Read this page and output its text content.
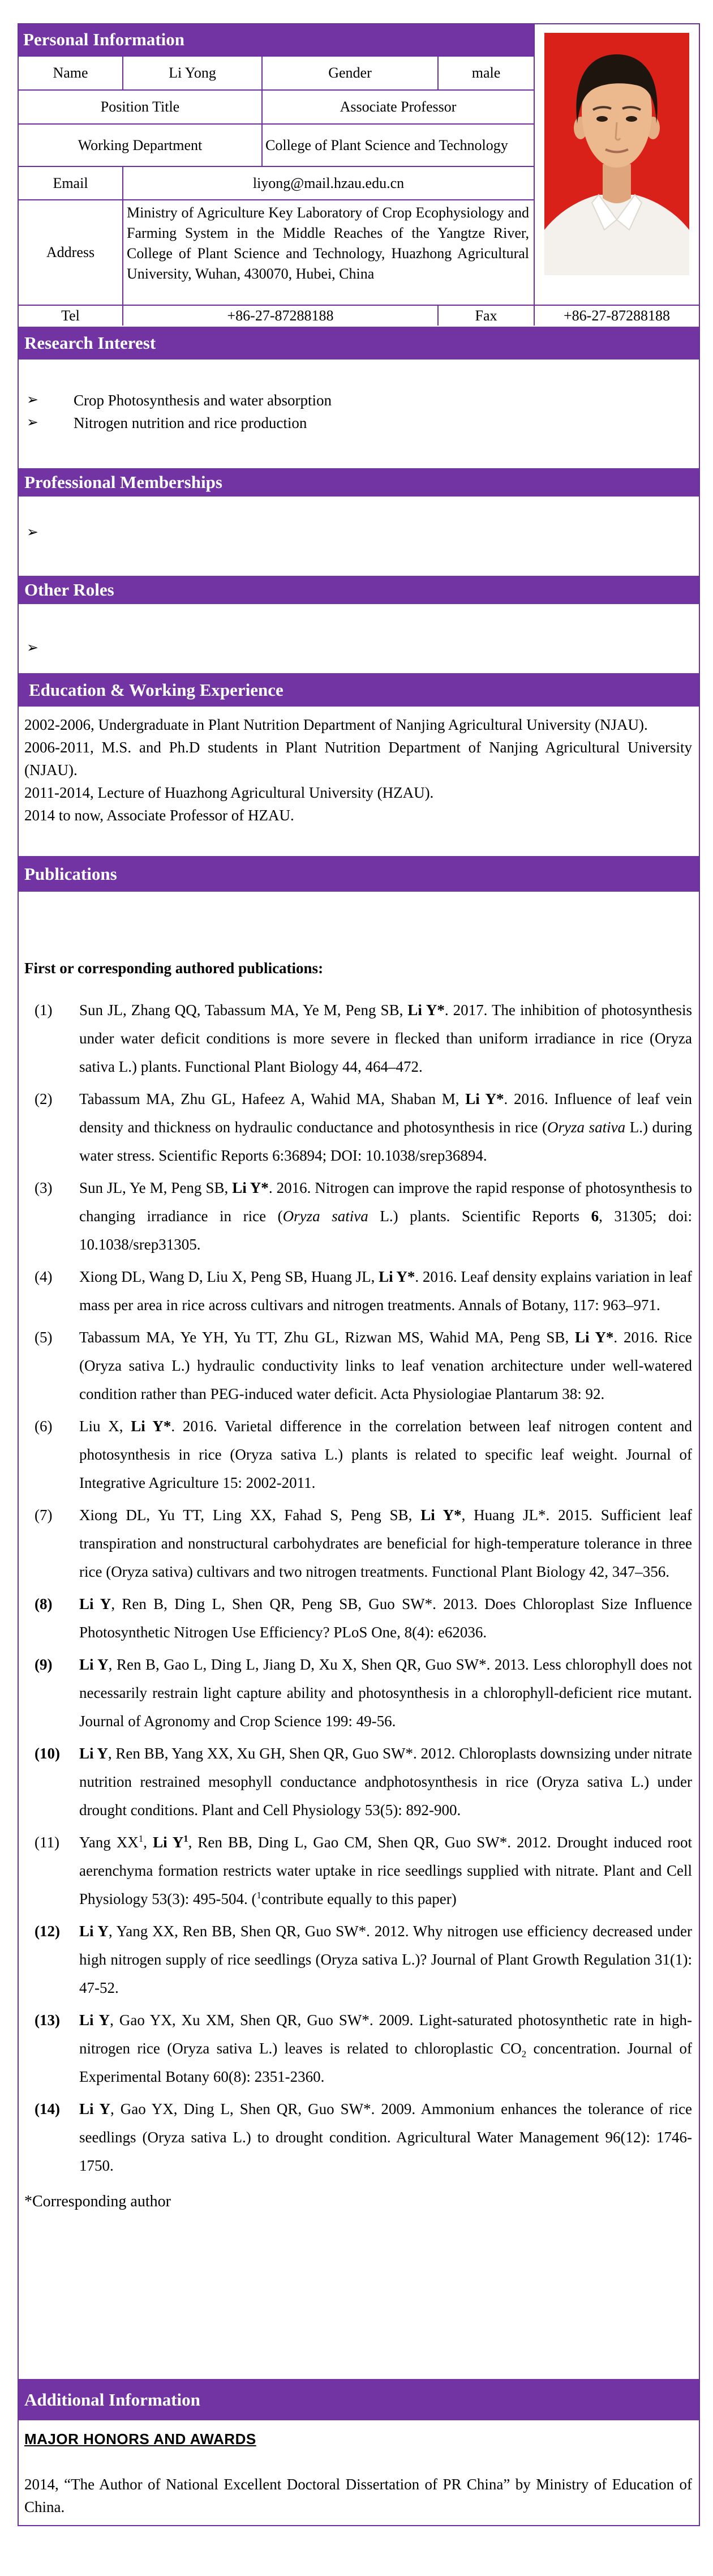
Personal Information
Name	Li Yong	Gender	male
Position Title	Associate Professor
Working Department	College of Plant Science and Technology
Email	liyong@mail.hzau.edu.cn
Address
Ministry of Agriculture Key Laboratory of Crop Ecophysiology and Farming System in the Middle Reaches of the Yangtze River, College of Plant Science and Technology, Huazhong Agricultural University, Wuhan, 430070, Hubei, China
Tel	+86-27-87288188	Fax	+86-27-87288188
Research Interest
➢ Crop Photosynthesis and water absorption
➢ Nitrogen nutrition and rice production
Professional Memberships
➢
Other Roles
➢
Education & Working Experience

2002-2006, Undergraduate in Plant Nutrition Department of Nanjing Agricultural University (NJAU).

2006-2011, M.S. and Ph.D students in Plant Nutrition Department of Nanjing Agricultural University (NJAU).

2011-2014, Lecture of Huazhong Agricultural University (HZAU).

2014 to now, Associate Professor of HZAU.

Publications
First or corresponding authored publications:
(1) Sun JL, Zhang QQ, Tabassum MA, Ye M, Peng SB, Li Y*. 2017. The inhibition of photosynthesis under water deficit conditions is more severe in flecked than uniform irradiance in rice (Oryza sativa L.) plants. Functional Plant Biology 44, 464–472.
(2) Tabassum MA, Zhu GL, Hafeez A, Wahid MA, Shaban M, Li Y*. 2016. Influence of leaf vein density and thickness on hydraulic conductance and photosynthesis in rice (Oryza sativa L.) during water stress. Scientific Reports 6:36894; DOI: 10.1038/srep36894.
(3) Sun JL, Ye M, Peng SB, Li Y*. 2016. Nitrogen can improve the rapid response of photosynthesis to changing irradiance in rice (Oryza sativa L.) plants. Scientific Reports 6, 31305; doi: 10.1038/srep31305.
(4) Xiong DL, Wang D, Liu X, Peng SB, Huang JL, Li Y*. 2016. Leaf density explains variation in leaf mass per area in rice across cultivars and nitrogen treatments. Annals of Botany, 117: 963–971.
(5) Tabassum MA, Ye YH, Yu TT, Zhu GL, Rizwan MS, Wahid MA, Peng SB, Li Y*. 2016. Rice (Oryza sativa L.) hydraulic conductivity links to leaf venation architecture under well-watered condition rather than PEG-induced water deficit. Acta Physiologiae Plantarum 38: 92.
(6) Liu X, Li Y*. 2016. Varietal difference in the correlation between leaf nitrogen content and photosynthesis in rice (Oryza sativa L.) plants is related to specific leaf weight. Journal of Integrative Agriculture 15: 2002-2011.
(7) Xiong DL, Yu TT, Ling XX, Fahad S, Peng SB, Li Y*, Huang JL*. 2015. Sufficient leaf transpiration and nonstructural carbohydrates are beneficial for high-temperature tolerance in three rice (Oryza sativa) cultivars and two nitrogen treatments. Functional Plant Biology 42, 347–356.
(8) Li Y, Ren B, Ding L, Shen QR, Peng SB, Guo SW*. 2013. Does Chloroplast Size Influence Photosynthetic Nitrogen Use Efficiency? PLoS One, 8(4): e62036.
(9) Li Y, Ren B, Gao L, Ding L, Jiang D, Xu X, Shen QR, Guo SW*. 2013. Less chlorophyll does not necessarily restrain light capture ability and photosynthesis in a chlorophyll-deficient rice mutant. Journal of Agronomy and Crop Science 199: 49-56.
(10) Li Y, Ren BB, Yang XX, Xu GH, Shen QR, Guo SW*. 2012. Chloroplasts downsizing under nitrate nutrition restrained mesophyll conductance andphotosynthesis in rice (Oryza sativa L.) under drought conditions. Plant and Cell Physiology 53(5): 892-900.
(11) Yang $XX^1$, Li $Y^1$, Ren BB, Ding L, Gao CM, Shen QR, Guo SW*. 2012. Drought induced root aerenchyma formation restricts water uptake in rice seedlings supplied with nitrate. Plant and Cell Physiology 53(3): 495-504. ($^1$contribute equally to this paper)
(12) Li Y, Yang XX, Ren BB, Shen QR, Guo SW*. 2012. Why nitrogen use efficiency decreased under high nitrogen supply of rice seedlings (Oryza sativa L.)? Journal of Plant Growth Regulation 31(1): 47-52.
(13) Li Y, Gao YX, Xu XM, Shen QR, Guo SW*. 2009. Light-saturated photosynthetic rate in high-nitrogen rice (Oryza sativa L.) leaves is related to chloroplastic $CO_2$ concentration. Journal of Experimental Botany 60(8): 2351-2360.
(14) Li Y, Gao YX, Ding L, Shen QR, Guo SW*. 2009. Ammonium enhances the tolerance of rice seedlings (Oryza sativa L.) to drought condition. Agricultural Water Management 96(12): 1746-1750.
*Corresponding author
Additional Information
MAJOR HONORS AND AWARDS
2014, “The Author of National Excellent Doctoral Dissertation of PR China” by Ministry of Education of China.
